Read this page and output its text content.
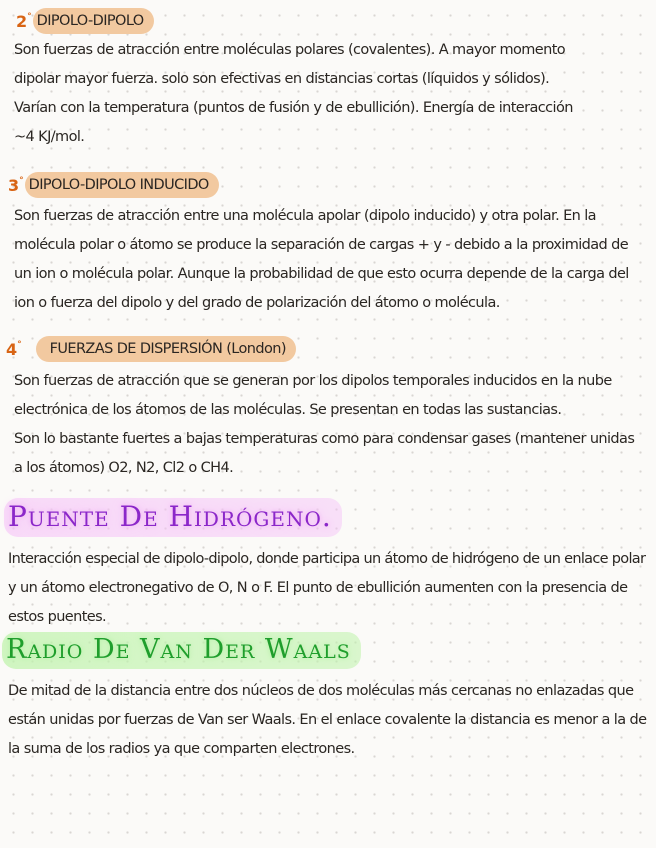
2° DIPOLO-DIPOLO

Son fuerzas de atracción entre moléculas polares (covalentes). A mayor momento
dipolar mayor fuerza. solo son efectivas en distancias cortas (líquidos y sólidos).
Varían con la temperatura (puntos de fusión y de ebullición). Energía de interacción
~4 KJ/mol.

3° DIPOLO-DIPOLO INDUCIDO

Son fuerzas de atracción entre una molécula apolar (dipolo inducido) y otra polar. En la
molécula polar o átomo se produce la separación de cargas + y - debido a la proximidad de
un ion o molécula polar. Aunque la probabilidad de que esto ocurra depende de la carga del
ion o fuerza del dipolo y del grado de polarización del átomo o molécula.

4°	FUERZAS DE DISPERSIÓN (London)

Son fuerzas de atracción que se generan por los dipolos temporales inducidos en la nube
electrónica de los átomos de las moléculas. Se presentan en todas las sustancias.
Son lo bastante fuertes a bajas temperaturas como para condensar gases (mantener unidas
a los átomos) O2, N2, Cl2 o CH4.

Puente De Hidrógeno.

Interacción especial de dipolo-dipolo, donde participa un átomo de hidrógeno de un enlace polar
y un átomo electronegativo de O, N o F. El punto de ebullición aumenten con la presencia de
estos puentes.

Radio De Van Der Waals

De mitad de la distancia entre dos núcleos de dos moléculas más cercanas no enlazadas que
están unidas por fuerzas de Van ser Waals. En el enlace covalente la distancia es menor a la de
la suma de los radios ya que comparten electrones.
